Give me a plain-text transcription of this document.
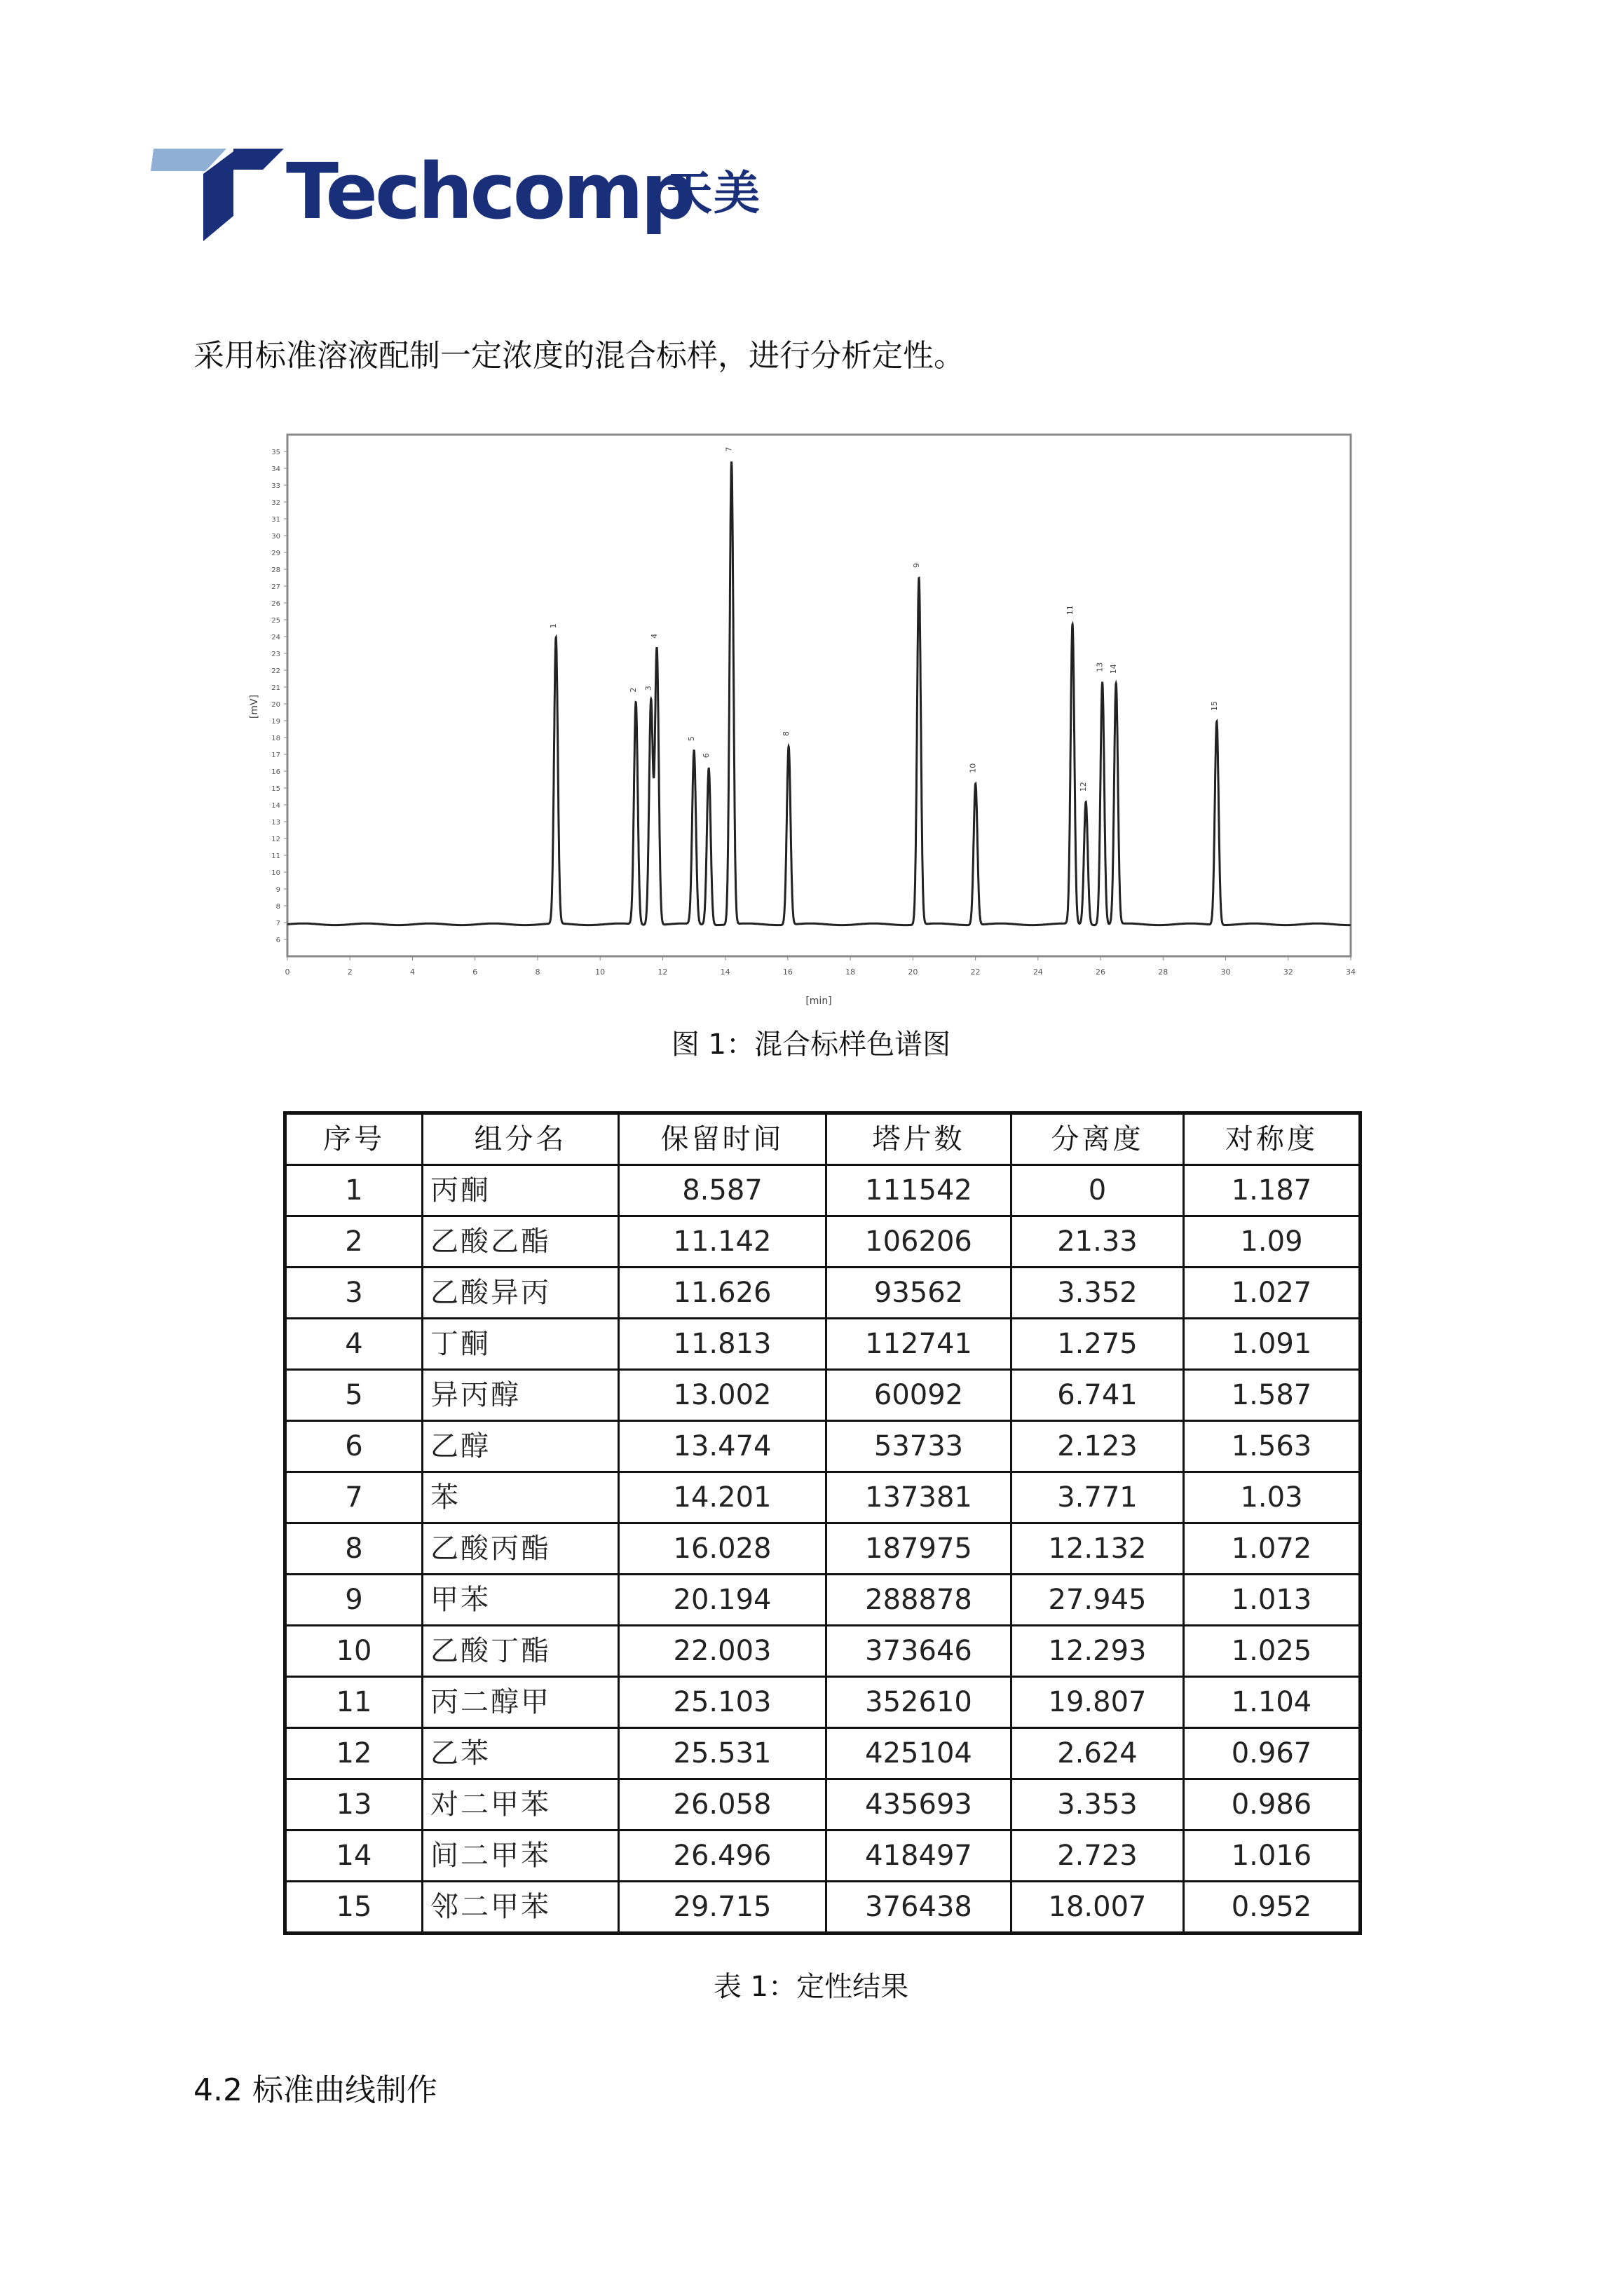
Techcomp
天美
采用标准溶液配制一定浓度的混合标样，进行分析定性。
6
7
8
9
10
11
12
13
14
15
16
17
18
19
20
21
22
23
24
25
26
27
28
29
30
31
32
33
34
35
0	2	4	6	8	10	12	14	16	18	20	22	24	26	28	30	32	34
1
2 3
4
5
6
7
8
9
10
11
12
13 14
15
[mV]
[min]
图 1：混合标样色谱图
序号	组分名	保留时间	塔片数	分离度	对称度
1	丙酮	8.587	111542	0	1.187
2	乙酸乙酯	11.142	106206	21.33	1.09
3	乙酸异丙	11.626	93562	3.352	1.027
4	丁酮	11.813	112741	1.275	1.091
5	异丙醇	13.002	60092	6.741	1.587
6	乙醇	13.474	53733	2.123	1.563
7	苯	14.201	137381	3.771	1.03
8	乙酸丙酯	16.028	187975	12.132	1.072
9	甲苯	20.194	288878	27.945	1.013
10	乙酸丁酯	22.003	373646	12.293	1.025
11	丙二醇甲	25.103	352610	19.807	1.104
12	乙苯	25.531	425104	2.624	0.967
13	对二甲苯	26.058	435693	3.353	0.986
14	间二甲苯	26.496	418497	2.723	1.016
15	邻二甲苯	29.715	376438	18.007	0.952
表 1：定性结果
4.2 标准曲线制作
